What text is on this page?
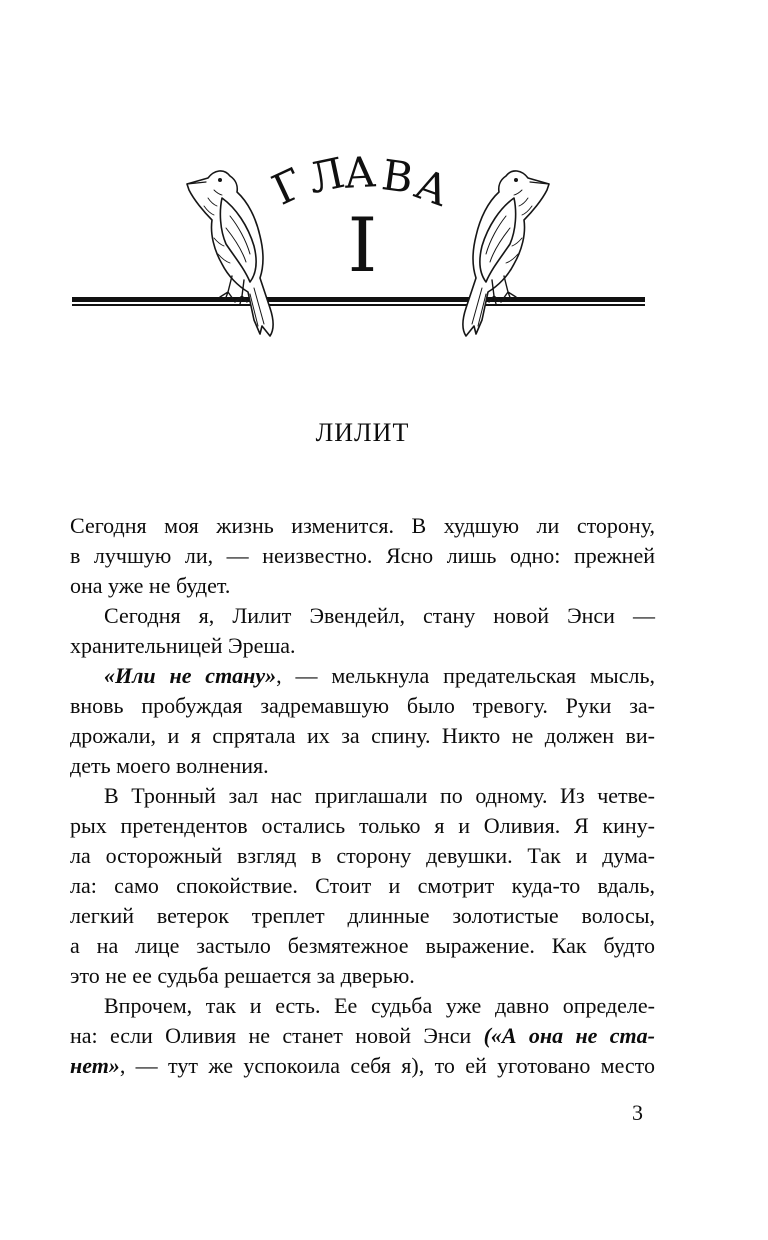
Г
Л
А В
А
I
ЛИЛИТ
Сегодня моя жизнь изменится. В худшую ли сторону,
в лучшую ли, — неизвестно. Ясно лишь одно: прежней
она уже не будет.
Сегодня я, Лилит Эвендейл, стану новой Энси —
хранительницей Эреша.
«Или не стану», — мелькнула предательская мысль,
вновь пробуждая задремавшую было тревогу. Руки за-
дрожали, и я спрятала их за спину. Никто не должен ви-
деть моего волнения.
В Тронный зал нас приглашали по одному. Из четве-
рых претендентов остались только я и Оливия. Я кину-
ла осторожный взгляд в сторону девушки. Так и дума-
ла: само спокойствие. Стоит и смотрит куда-то вдаль,
легкий ветерок треплет длинные золотистые волосы,
а на лице застыло безмятежное выражение. Как будто
это не ее судьба решается за дверью.
Впрочем, так и есть. Ее судьба уже давно определе-
на: если Оливия не станет новой Энси («А она не ста-
нет», — тут же успокоила себя я), то ей уготовано место
3
